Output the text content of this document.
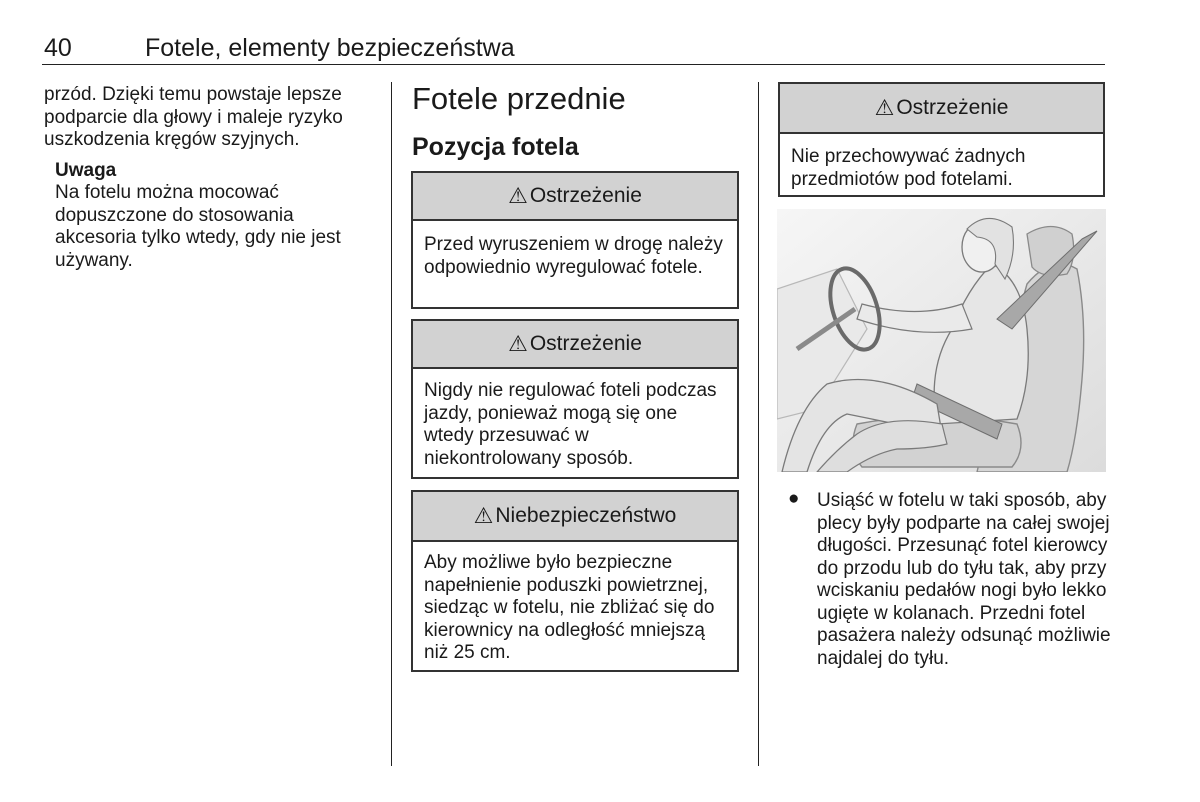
40	Fotele, elementy bezpieczeństwa
przód. Dzięki temu powstaje lepsze podparcie dla głowy i maleje ryzyko uszkodzenia kręgów szyjnych.
Uwaga
Na fotelu można mocować dopuszczone do stosowania akcesoria tylko wtedy, gdy nie jest używany.
Fotele przednie
Pozycja fotela
⚠ Ostrzeżenie
Przed wyruszeniem w drogę należy odpowiednio wyregulować fotele.
⚠ Ostrzeżenie
Nigdy nie regulować foteli podczas jazdy, ponieważ mogą się one wtedy przesuwać w niekontrolowany sposób.
⚠ Niebezpieczeństwo
Aby możliwe było bezpieczne napełnienie poduszki powietrznej, siedząc w fotelu, nie zbliżać się do kierownicy na odległość mniejszą niż 25 cm.
⚠ Ostrzeżenie
Nie przechowywać żadnych przedmiotów pod fotelami.
● Usiąść w fotelu w taki sposób, aby plecy były podparte na całej swojej długości. Przesunąć fotel kierowcy do przodu lub do tyłu tak, aby przy wciskaniu pedałów nogi było lekko ugięte w kolanach. Przedni fotel pasażera należy odsunąć możliwie najdalej do tyłu.
